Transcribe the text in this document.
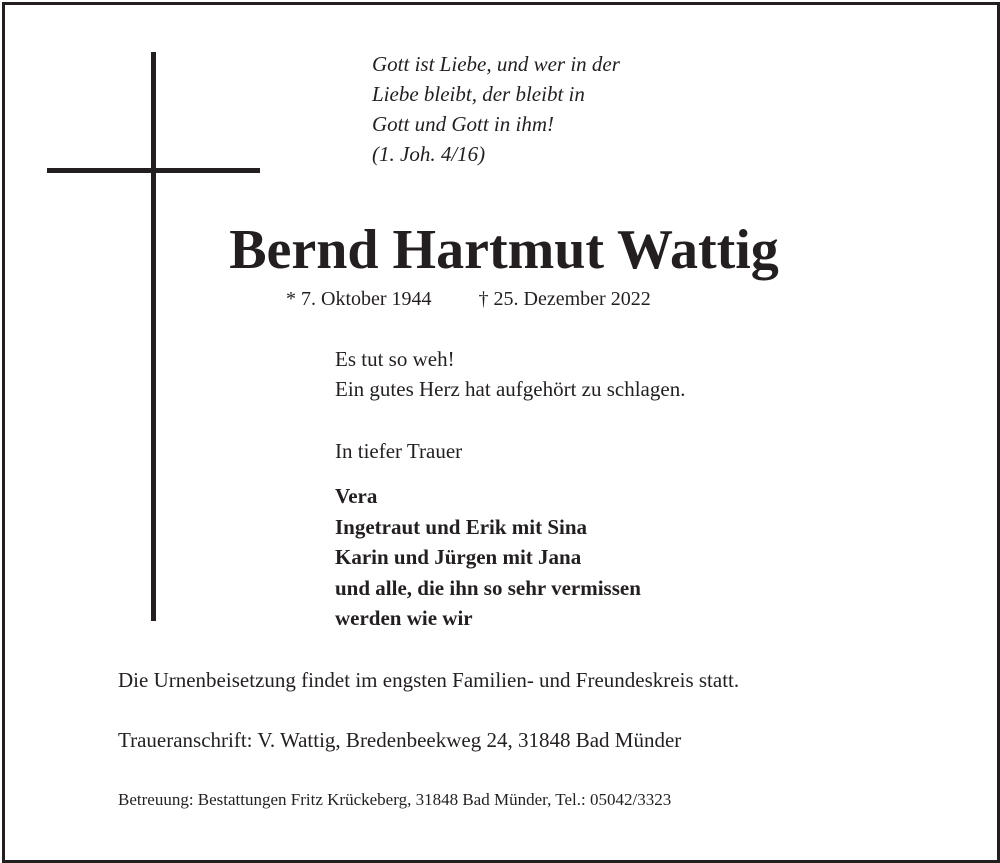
Gott ist Liebe, und wer in der
Liebe bleibt, der bleibt in
Gott und Gott in ihm!
(1. Joh. 4/16)
Bernd Hartmut Wattig
* 7. Oktober 1944 † 25. Dezember 2022
Es tut so weh!
Ein gutes Herz hat aufgehört zu schlagen.
In tiefer Trauer
Vera
Ingetraut und Erik mit Sina
Karin und Jürgen mit Jana
und alle, die ihn so sehr vermissen
werden wie wir
Die Urnenbeisetzung findet im engsten Familien- und Freundeskreis statt.
Traueranschrift: V. Wattig, Bredenbeekweg 24, 31848 Bad Münder
Betreuung: Bestattungen Fritz Krückeberg, 31848 Bad Münder, Tel.: 05042/3323
